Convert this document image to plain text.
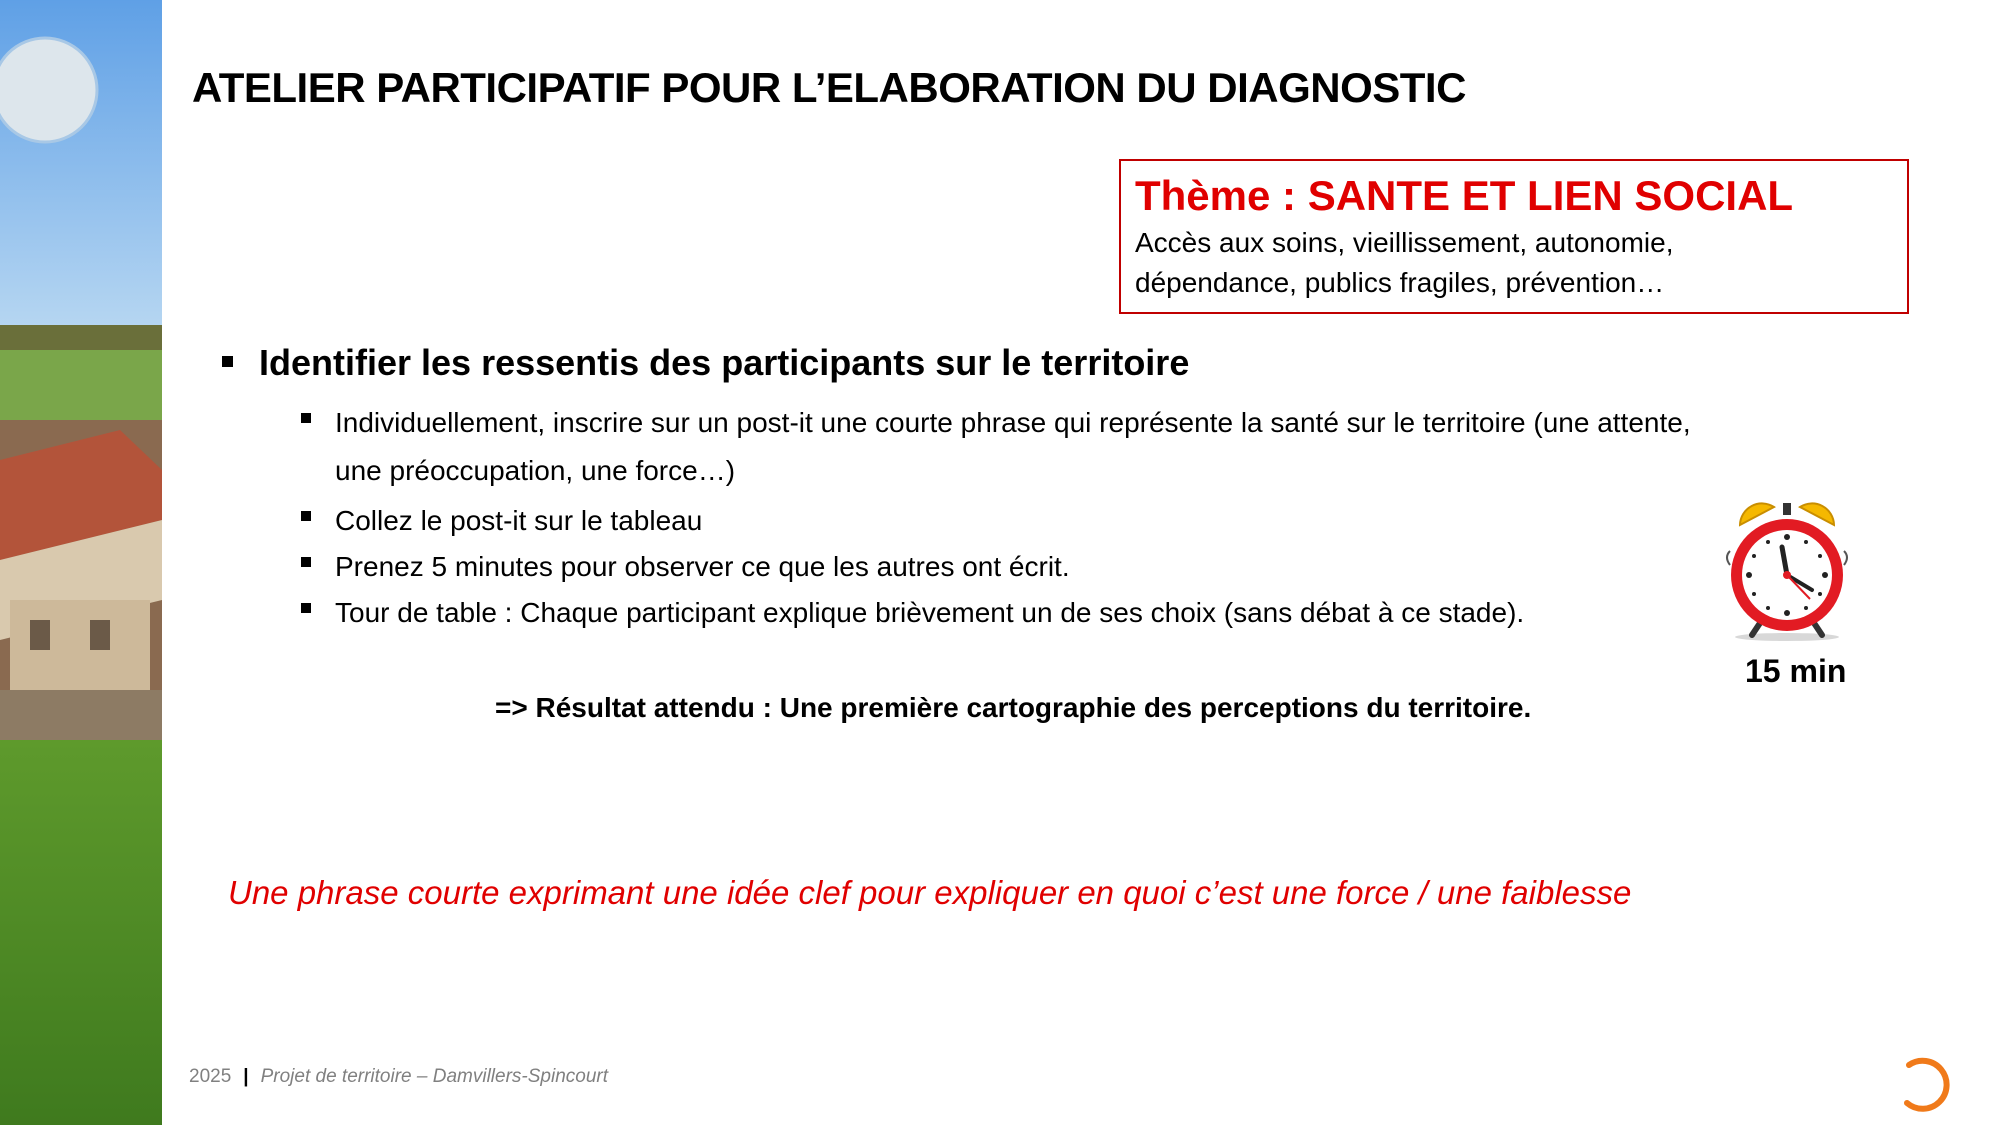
ATELIER PARTICIPATIF POUR L’ELABORATION DU DIAGNOSTIC
Thème : SANTE ET LIEN SOCIAL
Accès aux soins, vieillissement, autonomie,
dépendance, publics fragiles, prévention…
Identifier les ressentis des participants sur le territoire
Individuellement, inscrire sur un post-it une courte phrase qui représente la santé sur le territoire (une attente,
une préoccupation, une force…)
Collez le post-it sur le tableau
Prenez 5 minutes pour observer ce que les autres ont écrit.
Tour de table : Chaque participant explique brièvement un de ses choix (sans débat à ce stade).
15 min
=> Résultat attendu : Une première cartographie des perceptions du territoire.
Une phrase courte exprimant une idée clef pour expliquer en quoi c’est une force / une faiblesse
2025 | Projet de territoire – Damvillers-Spincourt
